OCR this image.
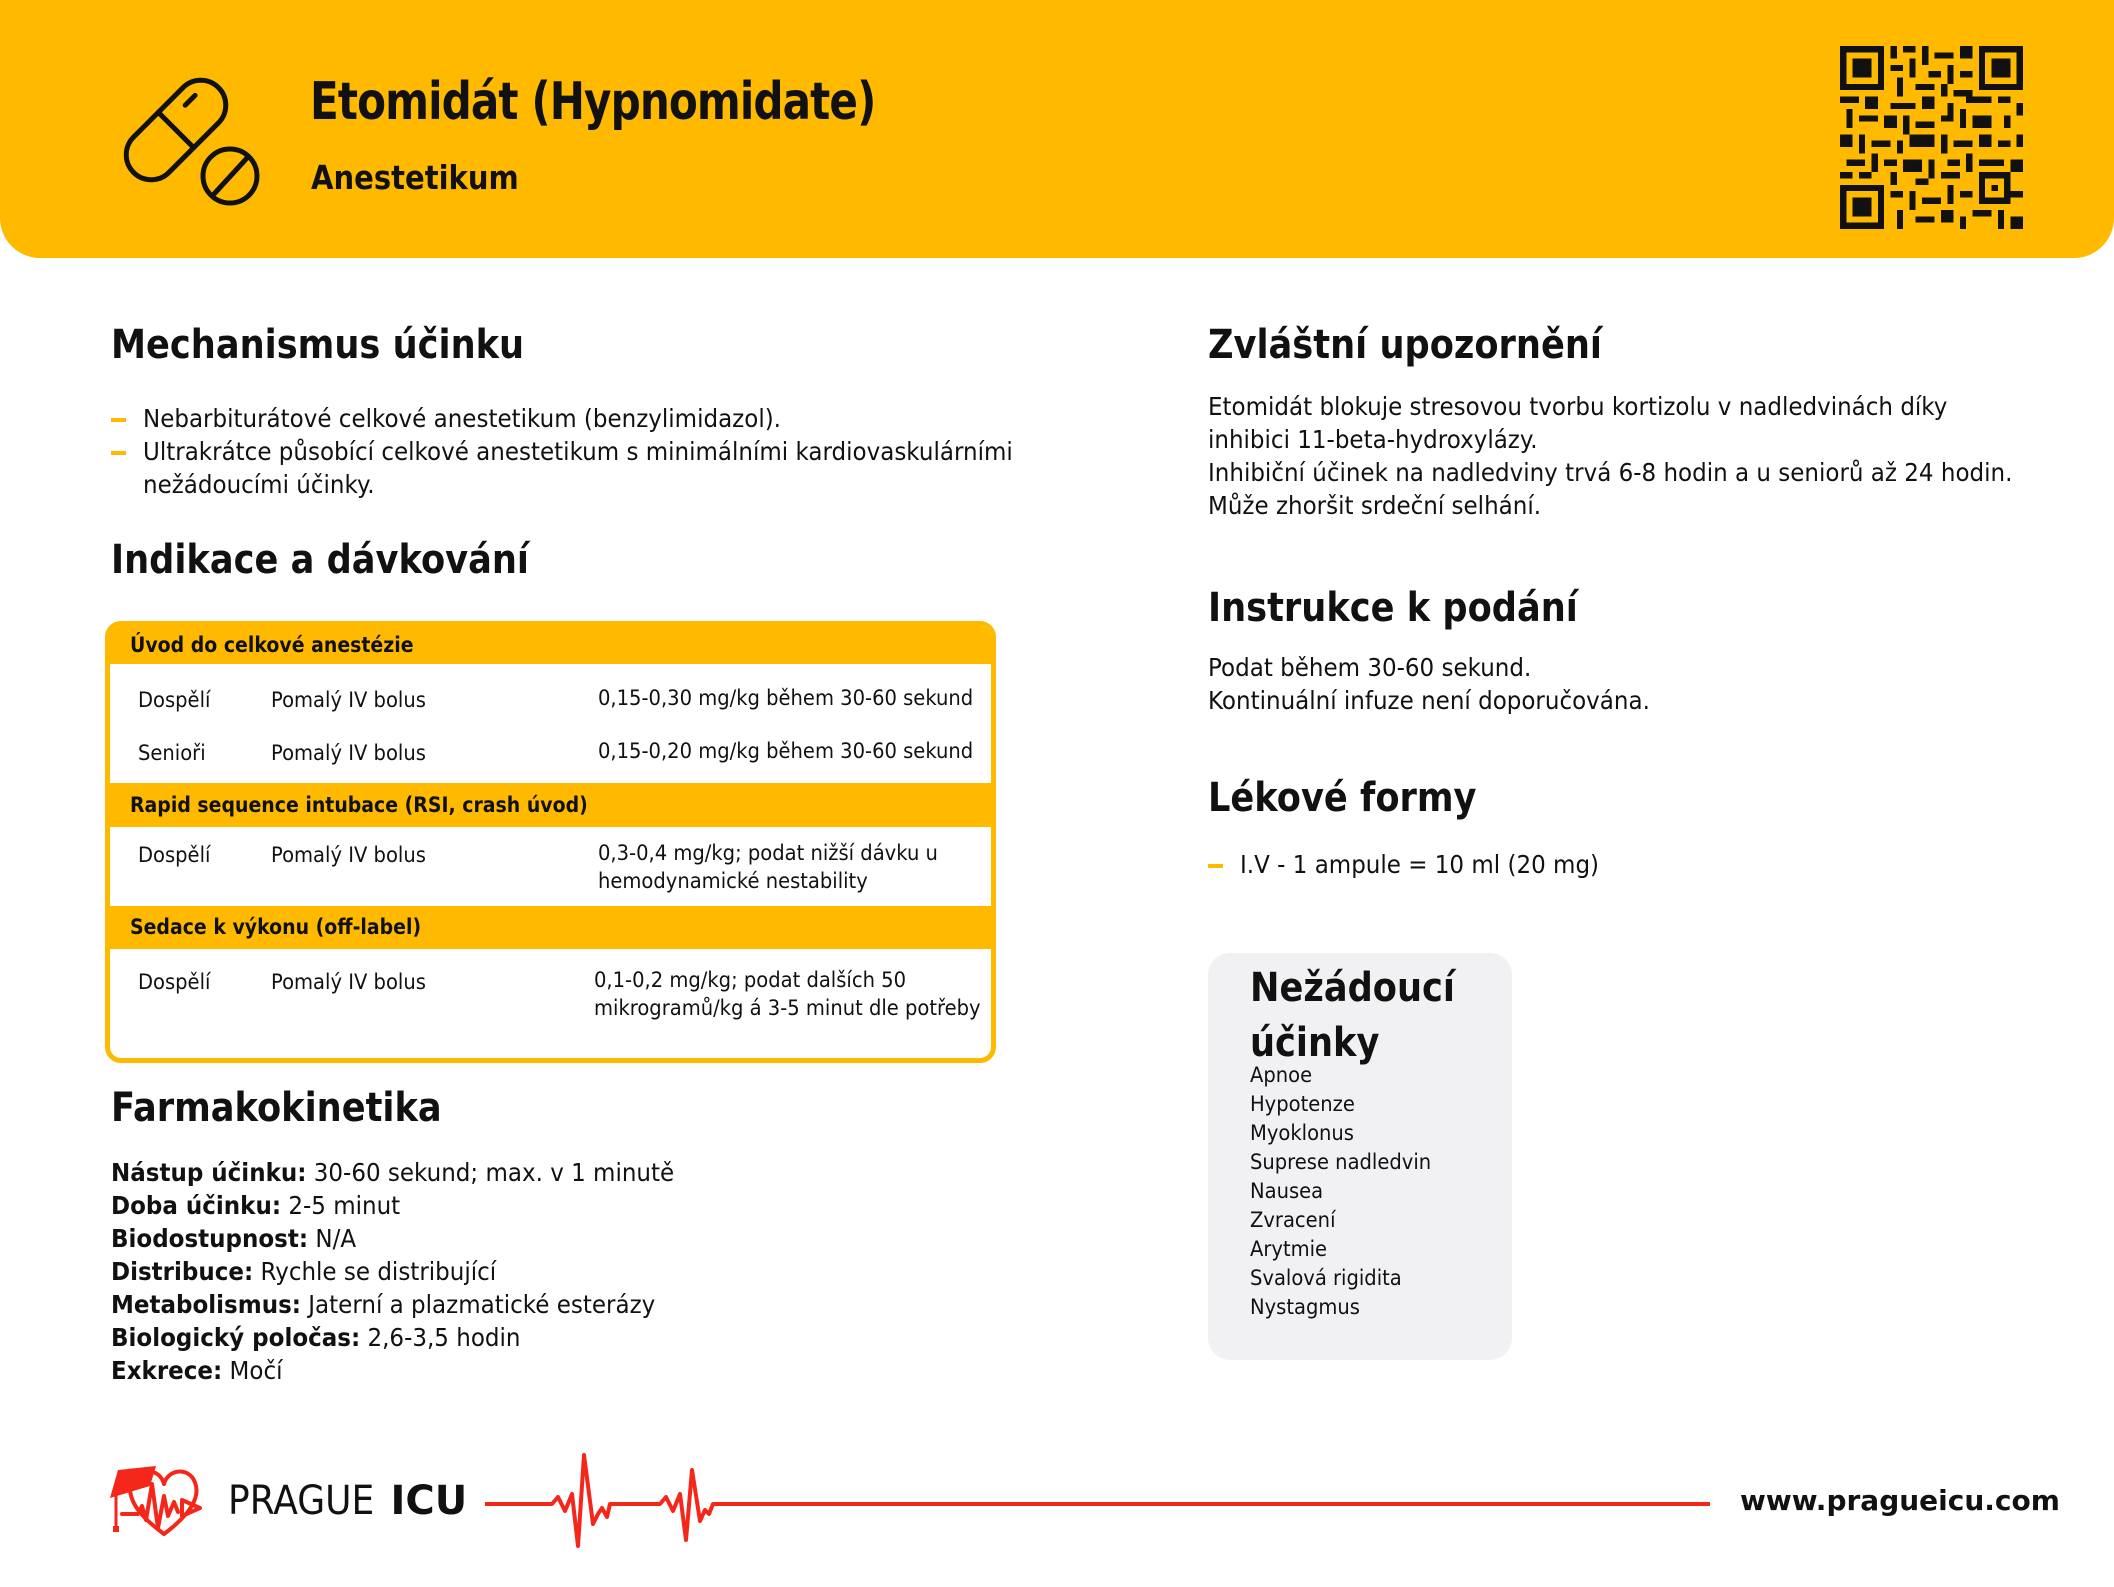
Etomidát (Hypnomidate)
Anestetikum
Mechanismus účinku
Nebarbiturátové celkové anestetikum (benzylimidazol).
Ultrakrátce působící celkové anestetikum s minimálními kardiovaskulárními
nežádoucími účinky.
Indikace a dávkování
Úvod do celkové anestézie
Dospělí	Pomalý IV bolus	0,15-0,30 mg/kg během 30-60 sekund
Senioři	Pomalý IV bolus	0,15-0,20 mg/kg během 30-60 sekund
Rapid sequence intubace (RSI, crash úvod)
Dospělí	Pomalý IV bolus	0,3-0,4 mg/kg; podat nižší dávku u
hemodynamické nestability
Sedace k výkonu (off-label)
Dospělí	Pomalý IV bolus	0,1-0,2 mg/kg; podat dalších 50
mikrogramů/kg á 3-5 minut dle potřeby
Farmakokinetika
Nástup účinku: 30-60 sekund; max. v 1 minutě
Doba účinku: 2-5 minut
Biodostupnost: N/A
Distribuce: Rychle se distribující
Metabolismus: Jaterní a plazmatické esterázy
Biologický poločas: 2,6-3,5 hodin
Exkrece: Močí
Zvláštní upozornění
Etomidát blokuje stresovou tvorbu kortizolu v nadledvinách díky
inhibici 11-beta-hydroxylázy.
Inhibiční účinek na nadledviny trvá 6-8 hodin a u seniorů až 24 hodin.
Může zhoršit srdeční selhání.
Instrukce k podání
Podat během 30-60 sekund.
Kontinuální infuze není doporučována.
Lékové formy
I.V - 1 ampule = 10 ml (20 mg)
Nežádoucí
účinky
Apnoe
Hypotenze
Myoklonus
Suprese nadledvin
Nausea
Zvracení
Arytmie
Svalová rigidita
Nystagmus
PRAGUEICU	www.pragueicu.com
